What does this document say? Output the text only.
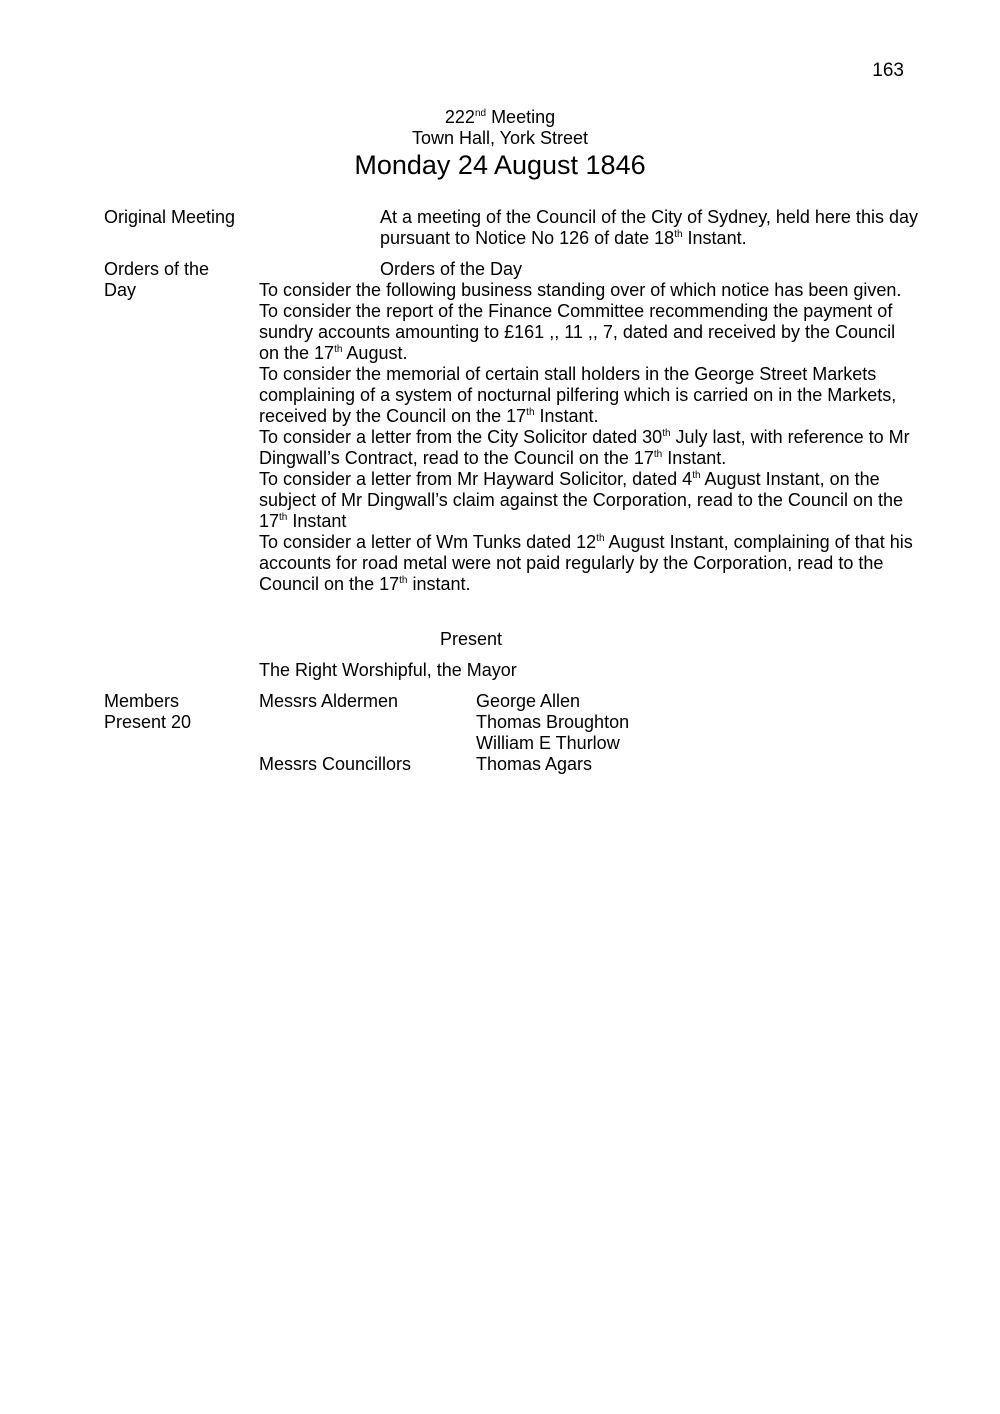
163
222nd Meeting
Town Hall, York Street
Monday 24 August 1846
Original Meeting	At a meeting of the Council of the City of Sydney, held here this day pursuant to Notice No 126 of date 18th Instant.

Orders of the
Day
Orders of the Day

To consider the following business standing over of which notice has been given.

To consider the report of the Finance Committee recommending the payment of sundry accounts amounting to £161 ,, 11 ,, 7, dated and received by the Council on the 17th August.

To consider the memorial of certain stall holders in the George Street Markets complaining of a system of nocturnal pilfering which is carried on in the Markets, received by the Council on the 17th Instant.

To consider a letter from the City Solicitor dated 30th July last, with reference to Mr Dingwall’s Contract, read to the Council on the 17th Instant.

To consider a letter from Mr Hayward Solicitor, dated 4th August Instant, on the subject of Mr Dingwall’s claim against the Corporation, read to the Council on the 17th Instant

To consider a letter of Wm Tunks dated 12th August Instant, complaining of that his accounts for road metal were not paid regularly by the Corporation, read to the Council on the 17th instant.

Present
The Right Worshipful, the Mayor
Members
Present 20
Messrs Aldermen	George Allen
Thomas Broughton
William E Thurlow
Messrs Councillors	Thomas Agars
